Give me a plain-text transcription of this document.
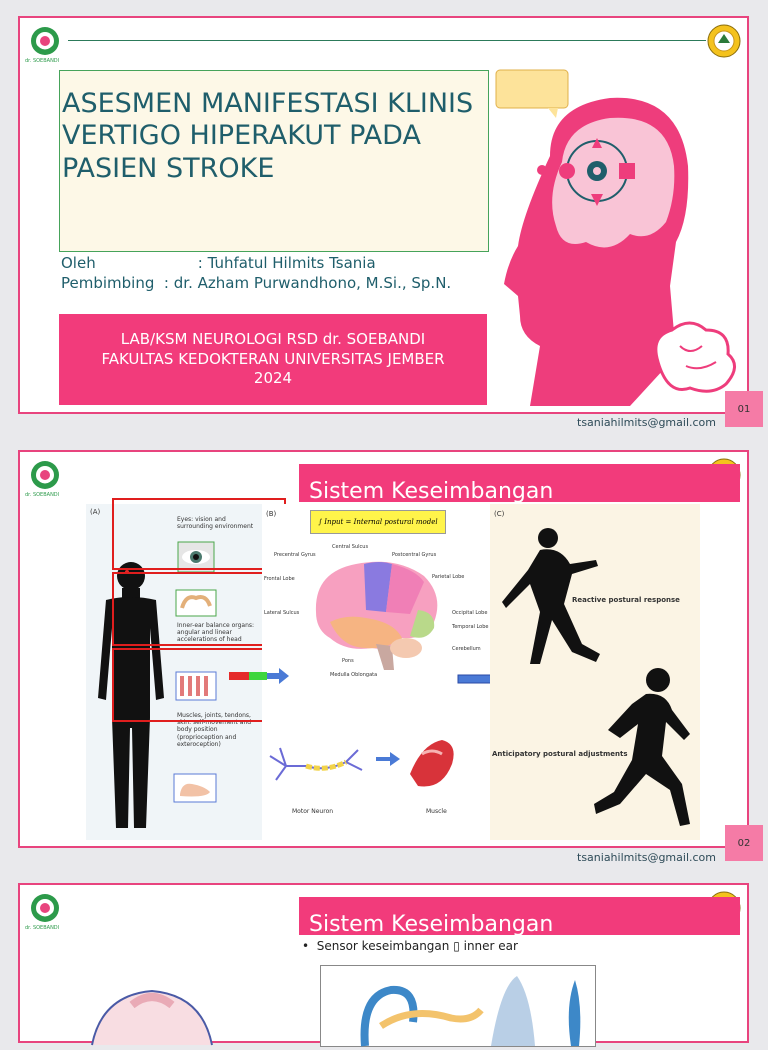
dr. SOEBANDI
ASESMEN MANIFESTASI KLINIS VERTIGO HIPERAKUT PADA PASIEN STROKE
Oleh	: Tuhfatul Hilmits Tsania
Pembimbing : dr. Azham Purwandhono, M.Si., Sp.N.
LAB/KSM NEUROLOGI RSD dr. SOEBANDI
FAKULTAS KEDOKTERAN UNIVERSITAS JEMBER
2024
01
tsaniahilmits@gmail.com
dr. SOEBANDI	Sistem Keseimbangan
(A)
Eyes: vision and surrounding environment
Inner-ear balance organs: angular and linear accelerations of head
Muscles, joints, tendons, skin: self-movement and body position (proprioception and exteroception)
(B)
∫ Input = Internal postural model
Central Sulcus
Precentral Gyrus	Postcentral Gyrus
Frontal Lobe	Parietal Lobe
Lateral Sulcus	Occipital Lobe
Temporal Lobe
Cerebellum
Pons
Medulla Oblongata
Motor Neuron	Muscle
(C)
Reactive postural response
Anticipatory postural adjustments
02
tsaniahilmits@gmail.com
dr. SOEBANDI	Sistem Keseimbangan
•  Sensor keseimbangan ▯ inner ear
